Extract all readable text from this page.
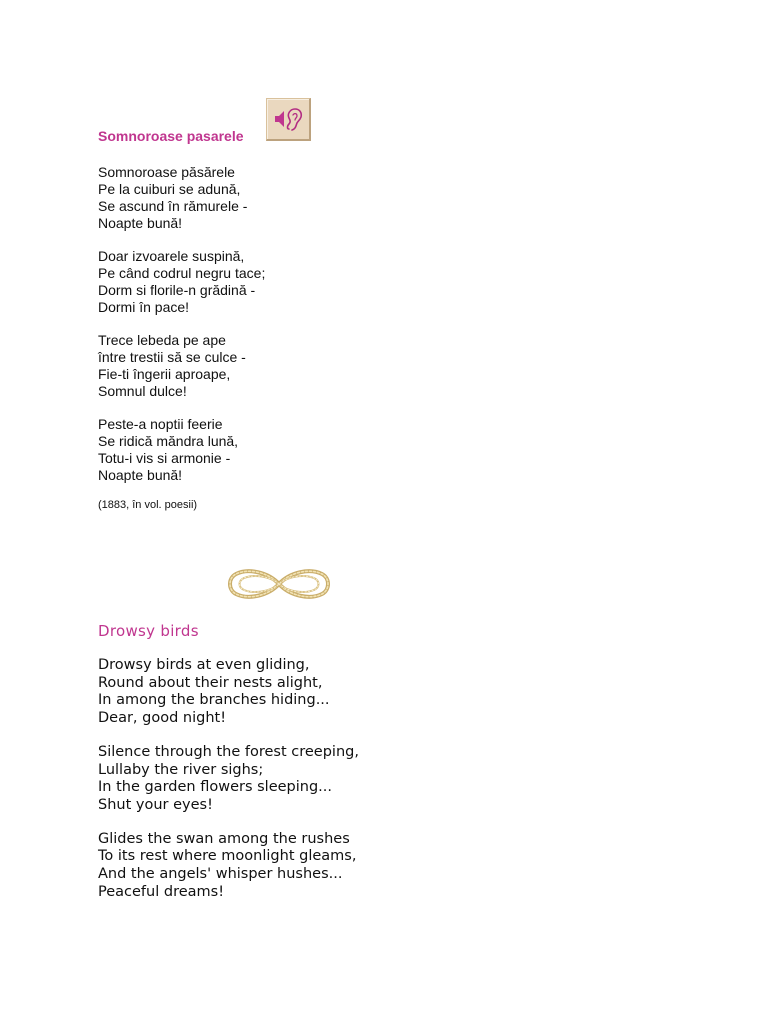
Somnoroase pasarele
Somnoroase păsărele
Pe la cuiburi se adună,
Se ascund în rămurele -
Noapte bună!
Doar izvoarele suspină,
Pe când codrul negru tace;
Dorm si florile-n grădină -
Dormi în pace!
Trece lebeda pe ape
între trestii să se culce -
Fie-ti îngerii aproape,
Somnul dulce!
Peste-a noptii feerie
Se ridică măndra lună,
Totu-i vis si armonie -
Noapte bună!
(1883, în vol. poesii)
Drowsy birds
Drowsy birds at even gliding,
Round about their nests alight,
In among the branches hiding...
Dear, good night!
Silence through the forest creeping,
Lullaby the river sighs;
In the garden flowers sleeping...
Shut your eyes!
Glides the swan among the rushes
To its rest where moonlight gleams,
And the angels' whisper hushes...
Peaceful dreams!
